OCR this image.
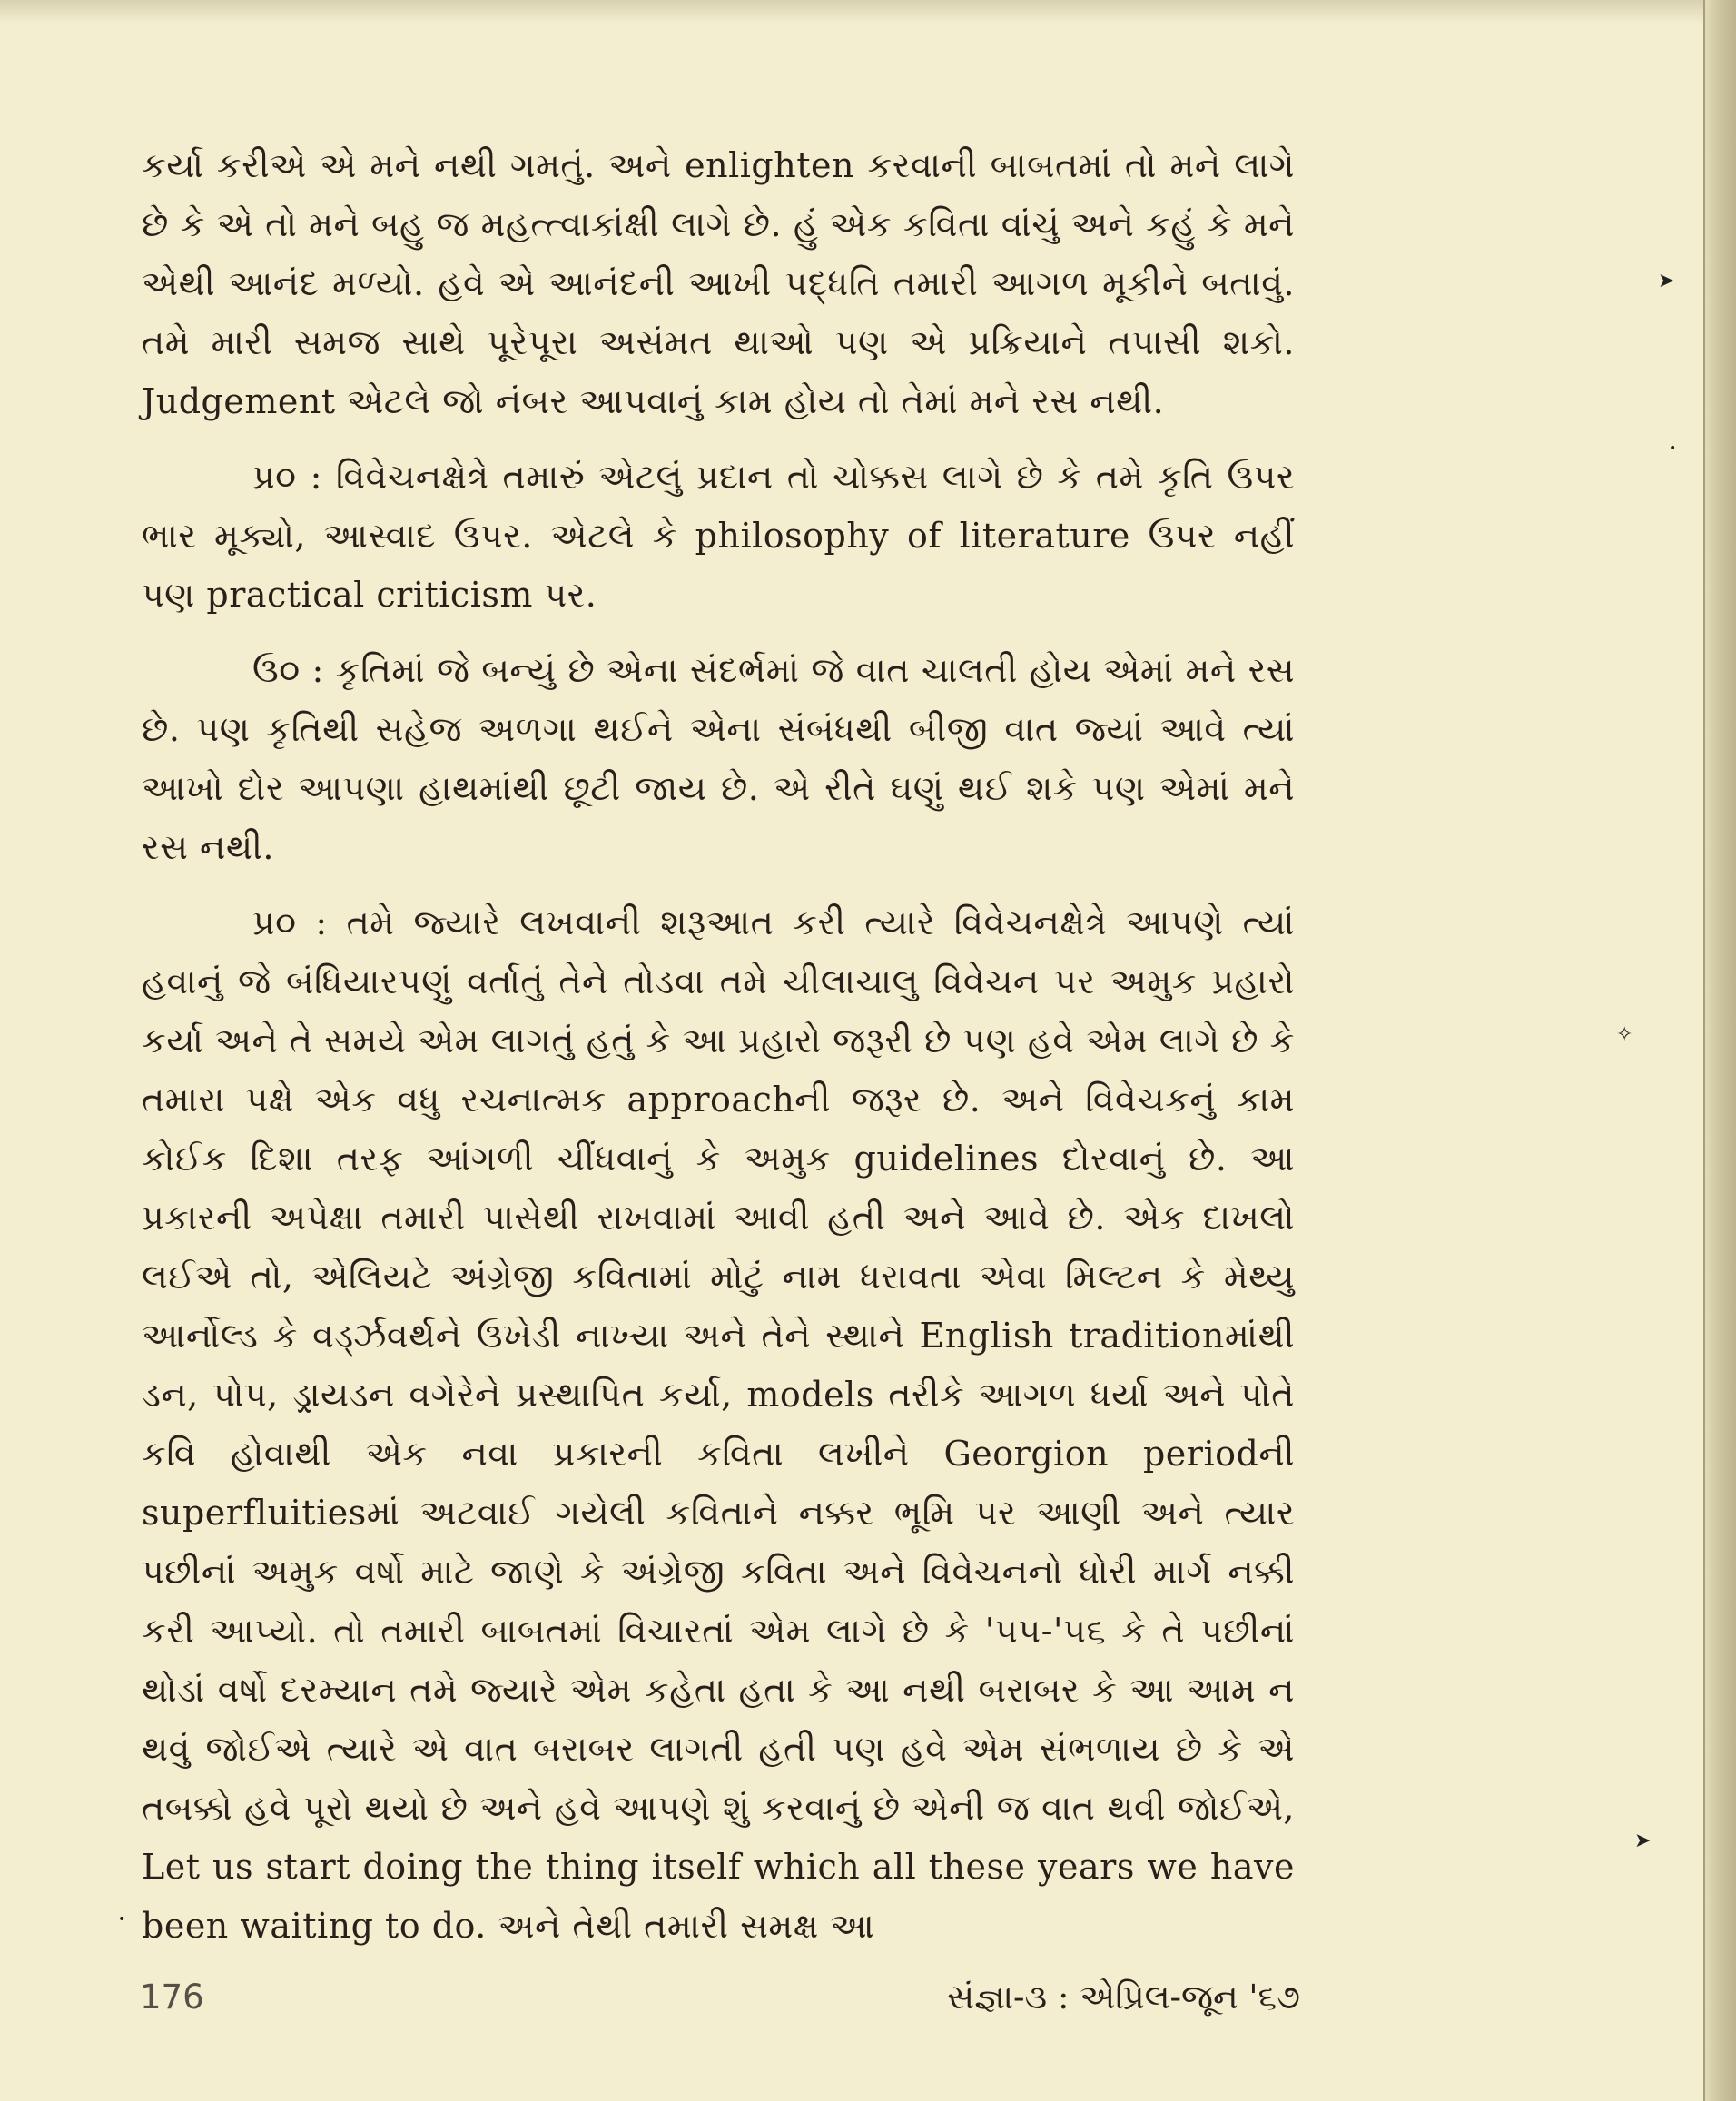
કર્યા કરીએ એ મને નથી ગમતું. અને enlighten કરવાની બાબતમાં તો મને લાગે છે કે એ તો મને બહુ જ મહત્ત્વાકાંક્ષી લાગે છે. હું એક કવિતા વાંચું અને કહું કે મને એથી આનંદ મળ્યો. હવે એ આનંદની આખી પદ્ધતિ તમારી આગળ મૂકીને બતાવું. તમે મારી સમજ સાથે પૂરેપૂરા અસંમત થાઓ પણ એ પ્રક્રિયાને તપાસી શકો. Judgement એટલે જો નંબર આપવાનું કામ હોય તો તેમાં મને રસ નથી.

પ્ર૦ : વિવેચનક્ષેત્રે તમારું એટલું પ્રદાન તો ચોક્કસ લાગે છે કે તમે કૃતિ ઉપર ભાર મૂક્યો, આસ્વાદ ઉપર. એટલે કે philosophy of literature ઉપર નહીં પણ practical criticism પર.

ઉ૦ : કૃતિમાં જે બન્યું છે એના સંદર્ભમાં જે વાત ચાલતી હોય એમાં મને રસ છે. પણ કૃતિથી સહેજ અળગા થઈને એના સંબંધથી બીજી વાત જ્યાં આવે ત્યાં આખો દોર આપણા હાથમાંથી છૂટી જાય છે. એ રીતે ઘણું થઈ શકે પણ એમાં મને રસ નથી.

પ્ર૦ : તમે જ્યારે લખવાની શરૂઆત કરી ત્યારે વિવેચનક્ષેત્રે આપણે ત્યાં હવાનું જે બંધિયારપણું વર્તાતું તેને તોડવા તમે ચીલાચાલુ વિવેચન પર અમુક પ્રહારો કર્યા અને તે સમયે એમ લાગતું હતું કે આ પ્રહારો જરૂરી છે પણ હવે એમ લાગે છે કે તમારા પક્ષે એક વધુ રચનાત્મક approachની જરૂર છે. અને વિવેચકનું કામ કોઈક દિશા તરફ આંગળી ચીંધવાનું કે અમુક guidelines દોરવાનું છે. આ પ્રકારની અપેક્ષા તમારી પાસેથી રાખવામાં આવી હતી અને આવે છે. એક દાખલો લઈએ તો, એલિયટે અંગ્રેજી કવિતામાં મોટું નામ ધરાવતા એવા મિલ્ટન કે મેથ્યુ આર્નોલ્ડ કે વર્ડ્ઝવર્થને ઉખેડી નાખ્યા અને તેને સ્થાને English traditionમાંથી ડન, પોપ, ડ્રાયડન વગેરેને પ્રસ્થાપિત કર્યા, models તરીકે આગળ ધર્યા અને પોતે કવિ હોવાથી એક નવા પ્રકારની કવિતા લખીને Georgion periodની superfluitiesમાં અટવાઈ ગયેલી કવિતાને નક્કર ભૂમિ પર આણી અને ત્યાર પછીનાં અમુક વર્ષો માટે જાણે કે અંગ્રેજી કવિતા અને વિવેચનનો ધોરી માર્ગ નક્કી કરી આપ્યો. તો તમારી બાબતમાં વિચારતાં એમ લાગે છે કે '૫૫-'૫૬ કે તે પછીનાં થોડાં વર્ષો દરમ્યાન તમે જ્યારે એમ કહેતા હતા કે આ નથી બરાબર કે આ આમ ન થવું જોઈએ ત્યારે એ વાત બરાબર લાગતી હતી પણ હવે એમ સંભળાય છે કે એ તબક્કો હવે પૂરો થયો છે અને હવે આપણે શું કરવાનું છે એની જ વાત થવી જોઈએ, Let us start doing the thing itself which all these years we have been waiting to do. અને તેથી તમારી સમક્ષ આ

176	સંજ્ઞા-૩ : એપ્રિલ-જૂન '૬૭
➤
•
✧
➤
•
